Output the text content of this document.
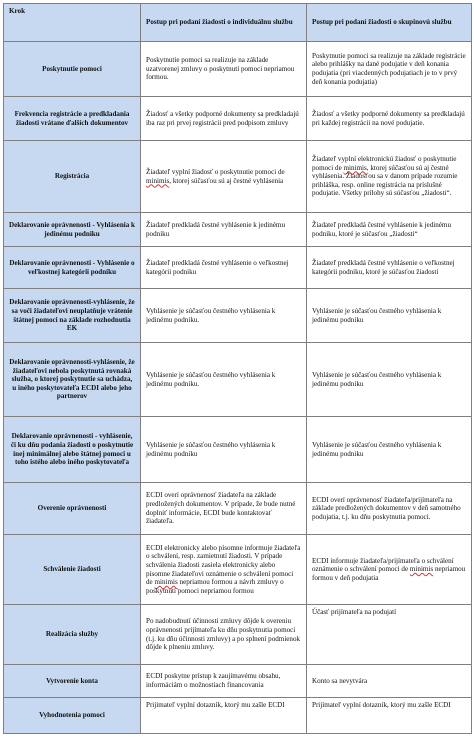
Krok	Postup pri podaní žiadosti o individuálnu službu	Postup pri podaní žiadosti o skupinovú službu
Poskytnutie pomoci	Poskytnutie pomoci sa realizuje na základe uzatvorenej zmluvy o poskytnutí pomoci nepriamou formou.	Poskytnutie pomoci sa realizuje na základe registrácie alebo prihlášky na dané podujatie v deň konania podujatia (pri viacdenných podujatiach je to v prvý deň konania podujatia)
Frekvencia registrácie a predkladania žiadosti vrátane ďalších dokumentov	Žiadosť a všetky podporné dokumenty sa predkladajú iba raz pri prvej registrácii pred podpisom zmluvy	Žiadosť a všetky podporné dokumenty sa predkladajú pri každej registrácii na nové podujatie.
Registrácia	Žiadateľ vyplní žiadosť o poskytnutie pomoci de minimis, ktorej súčasťou sú aj čestné vyhlásenia	Žiadateľ vyplní elektronickú žiadosť o poskytnutie pomoci de minimis, ktorej súčasťou sú aj čestné vyhlásenia. Žiadosťou sa v danom prípade rozumie prihláška, resp. online registrácia na príslušné podujatie. Všetky prílohy sú súčasťou „žiadosti“.
Deklarovanie oprávnenosti - Vyhlásenia k jedinému podniku	Žiadateľ predkladá čestné vyhlásenie k jedinému podniku	Žiadateľ predkladá čestné vyhlásenie k jedinému podniku, ktoré je súčasťou „žiadosti“
Deklarovanie oprávnenosti - Vyhlásenie o veľkostnej kategórii podniku	Žiadateľ predkladá čestné vyhlásenie o veľkostnej kategórii podniku	Žiadateľ predkladá čestné vyhlásenie o veľkostnej kategórii podniku, ktoré je súčasťou žiadosti
Deklarovanie oprávnenosti-vyhlásenie, že sa voči žiadateľovi neuplatňuje vrátenie štátnej pomoci na základe rozhodnutia EK	Vyhlásenie je súčasťou čestného vyhlásenia k jedinému podniku.	Vyhlásenie je súčasťou čestného vyhlásenia k jedinému podniku
Deklarovanie oprávnenosti-vyhlásenie, že žiadateľovi nebola poskytnutá rovnaká služba, o ktorej poskytnutie sa uchádza, u iného poskytovateľa ECDI alebo jeho partnerov	Vyhlásenie je súčasťou čestného vyhlásenia k jedinému podniku.	Vyhlásenie je súčasťou čestného vyhlásenia k jedinému podniku
Deklarovanie oprávnenosti - vyhlásenie, či ku dňu podania žiadosti o poskytnutie inej minimálnej alebo štátnej pomoci u toho istého alebo iného poskytovateľa	Vyhlásenie je súčasťou čestného vyhlásenia k jedinému podniku	Vyhlásenie je súčasťou čestného vyhlásenia k jedinému podniku
Overenie oprávnenosti	ECDI overí oprávnenosť žiadateľa na základe predložených dokumentov. V prípade, že bude nutné doplniť informácie, ECDI bude kontaktovať žiadateľa.	ECDI overí oprávnenosť žiadateľa/prijímateľa na základe predložených dokumentov v deň samotného podujatia, t.j. ku dňu poskytnutia pomoci.
Schválenie žiadosti	ECDI elektronicky alebo písomne informuje žiadateľa o schválení, resp. zamietnutí žiadosti. V prípade schválenia žiadosti zasiela elektronicky alebo písomne žiadateľovi oznámenie o schválení pomoci de minimis nepriamou formou a návrh zmluvy o poskytnutí pomoci nepriamou formou	ECDI informuje žiadateľa/prijímateľa o schválení oznámenie o schválení pomoci de minimis nepriamou formou v deň podujatia
Realizácia služby	Po nadobudnutí účinnosti zmluvy dôjde k overeniu oprávnenosti prijímateľa ku dňu poskytnutia pomoci (t.j. ku dňu účinnosti zmluvy) a po splnení podmienok dôjde k plneniu zmluvy.	Účasť prijímateľa na podujatí
Vytvorenie konta	ECDI poskytne prístup k zaujímavému obsahu, informáciám o možnostiach financovania	Konto sa nevytvára
Vyhodnotenia pomoci	Prijímateľ vyplní dotazník, ktorý mu zašle ECDI	Prijímateľ vyplní dotazník, ktorý mu zašle ECDI
